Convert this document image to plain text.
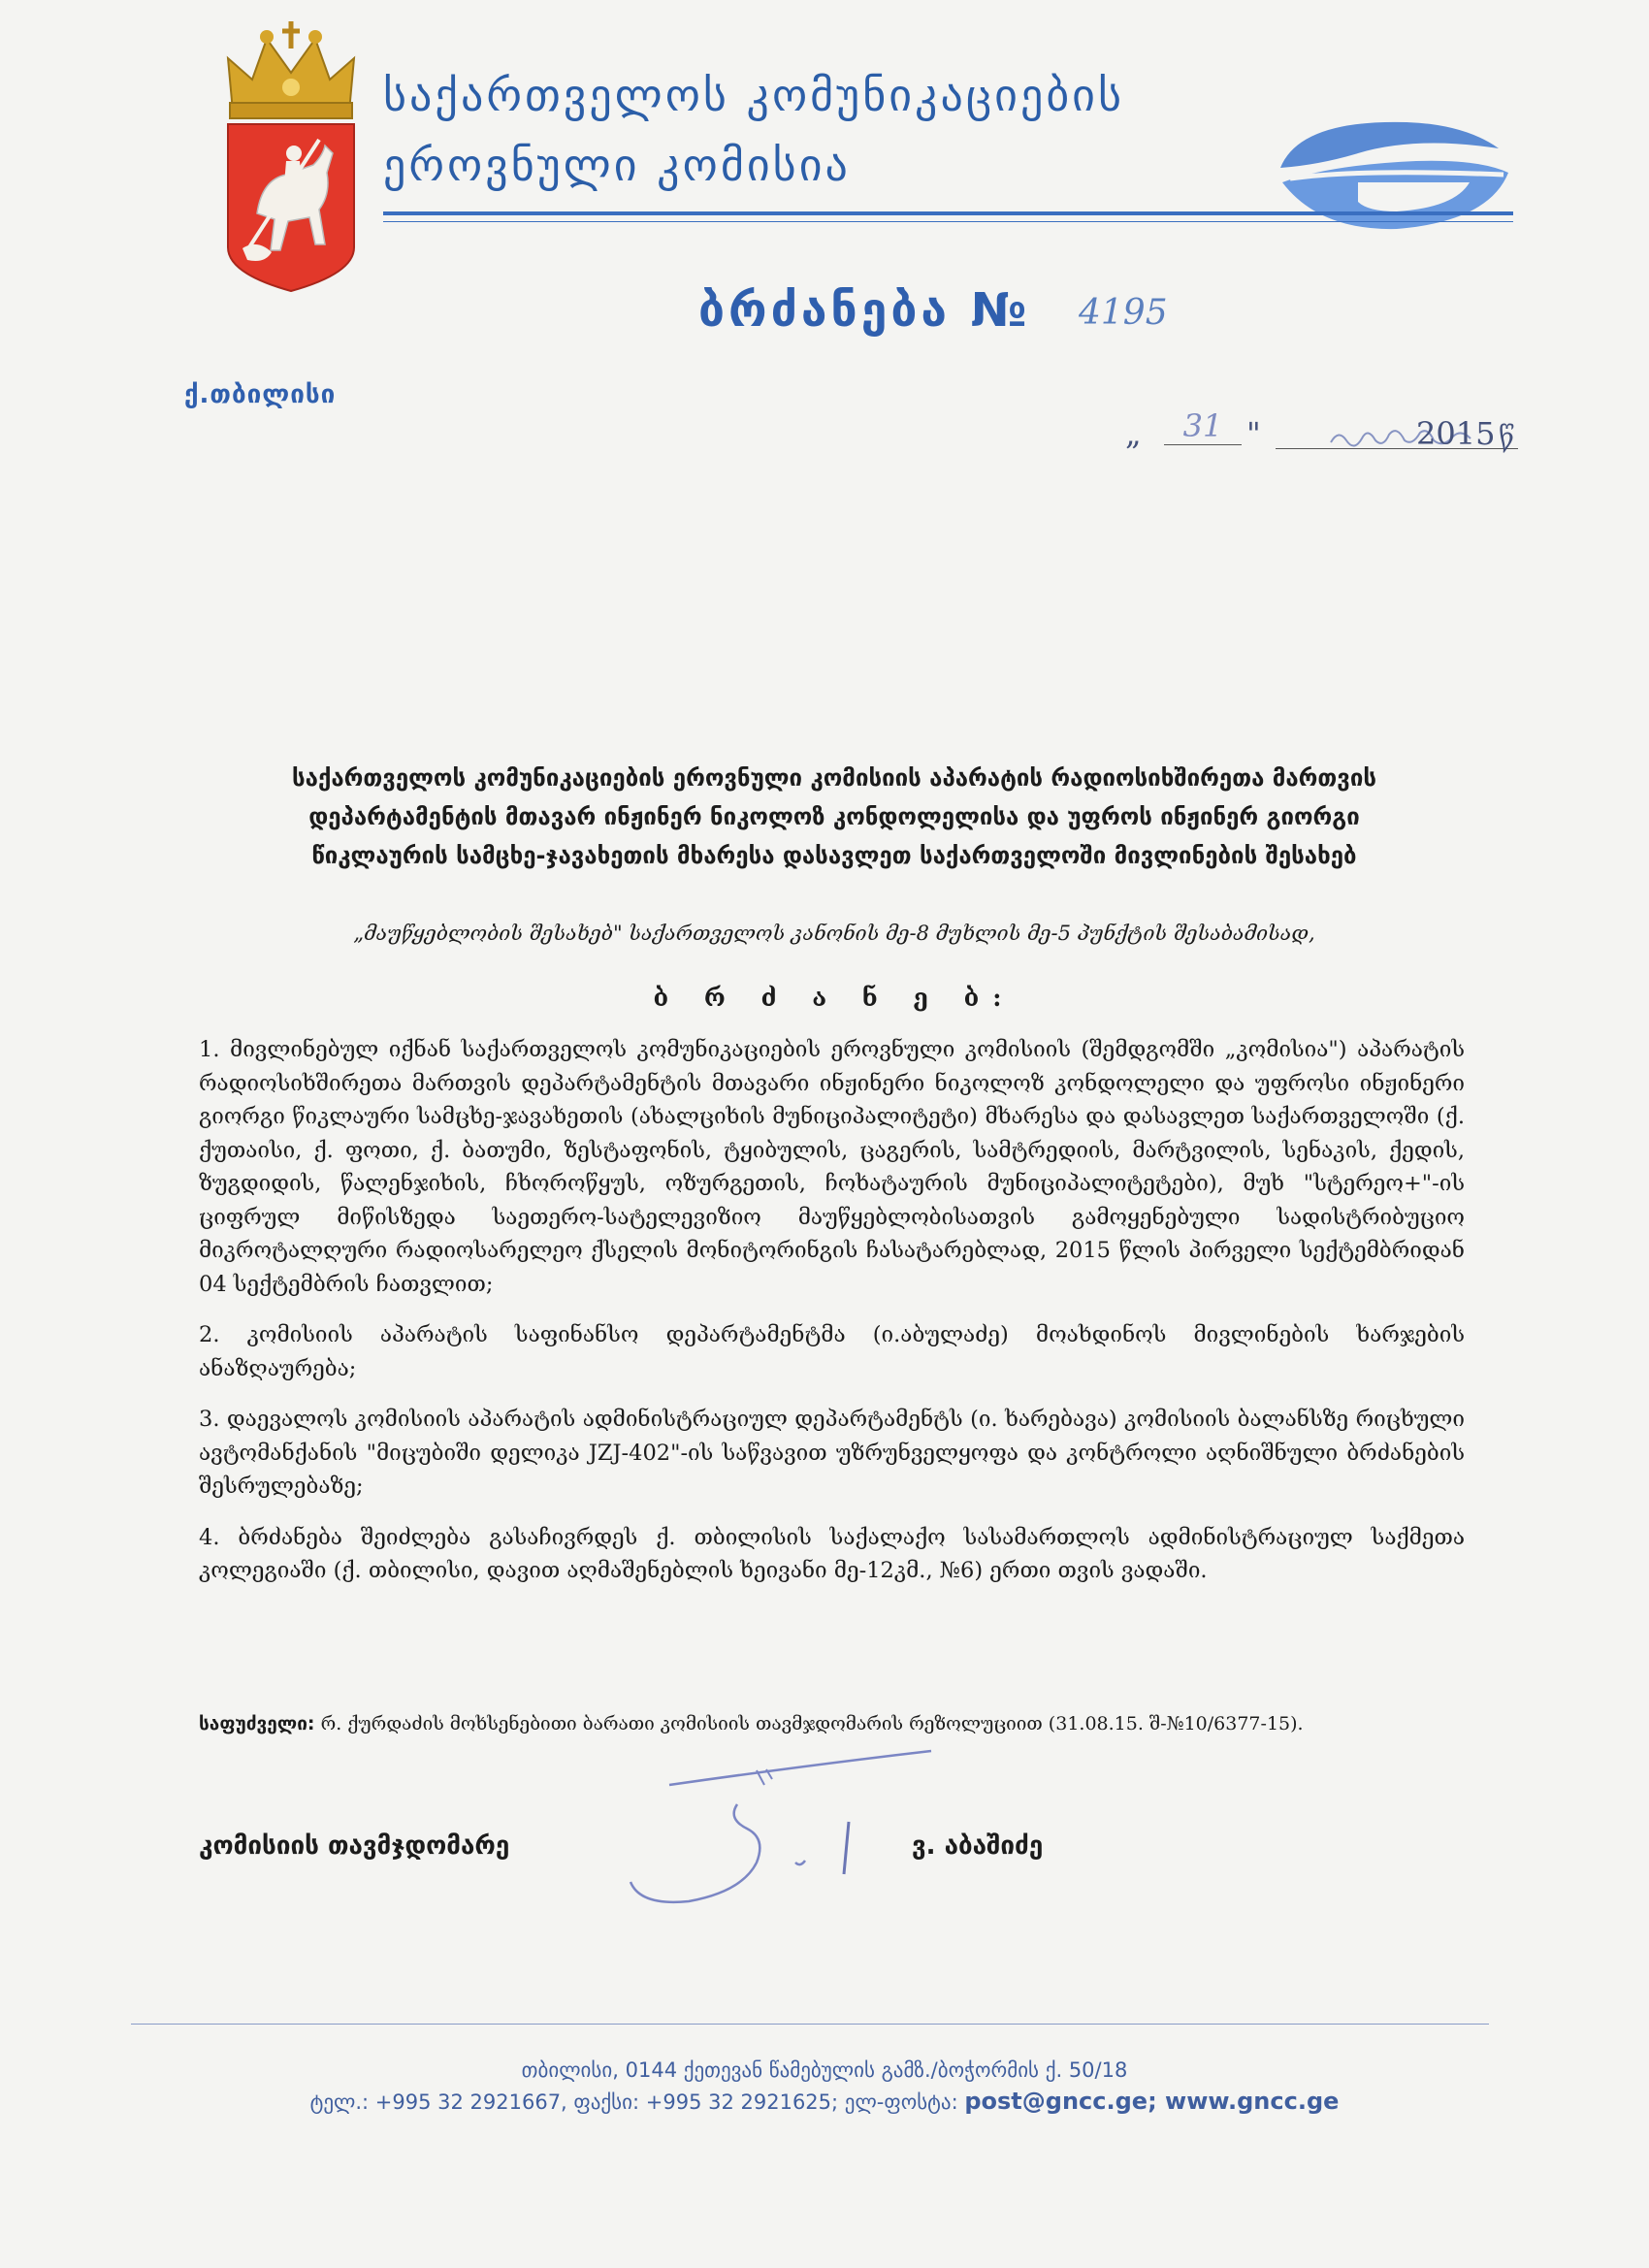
საქართველოს კომუნიკაციების
ეროვნული კომისია
ბრძანება № 4195
ქ.თბილისი
„	31 "	2015 წ
საქართველოს კომუნიკაციების ეროვნული კომისიის აპარატის რადიოსიხშირეთა მართვის
დეპარტამენტის მთავარ ინჟინერ ნიკოლოზ კონდოლელისა და უფროს ინჟინერ გიორგი
წიკლაურის სამცხე-ჯავახეთის მხარესა დასავლეთ საქართველოში მივლინების შესახებ
„მაუწყებლობის შესახებ" საქართველოს კანონის მე-8 მუხლის მე-5 პუნქტის შესაბამისად,
ბ რ ძ ა ნ ე ბ:

1. მივლინებულ იქნან საქართველოს კომუნიკაციების ეროვნული კომისიის (შემდგომში „კომისია") აპარატის რადიოსიხშირეთა მართვის დეპარტამენტის მთავარი ინჟინერი ნიკოლოზ კონდოლელი და უფროსი ინჟინერი გიორგი წიკლაური სამცხე-ჯავახეთის (ახალციხის მუნიციპალიტეტი) მხარესა და დასავლეთ საქართველოში (ქ. ქუთაისი, ქ. ფოთი, ქ. ბათუმი, ზესტაფონის, ტყიბულის, ცაგერის, სამტრედიის, მარტვილის, სენაკის, ქედის, ზუგდიდის, წალენჯიხის, ჩხოროწყუს, ოზურგეთის, ჩოხატაურის მუნიციპალიტეტები), მუხ "სტერეო+"-ის ციფრულ მიწისზედა საეთერო-სატელევიზიო მაუწყებლობისათვის გამოყენებული სადისტრიბუციო მიკროტალღური რადიოსარელეო ქსელის მონიტორინგის ჩასატარებლად, 2015 წლის პირველი სექტემბრიდან 04 სექტემბრის ჩათვლით;

2. კომისიის აპარატის საფინანსო დეპარტამენტმა (ი.აბულაძე) მოახდინოს მივლინების ხარჯების ანაზღაურება;

3. დაევალოს კომისიის აპარატის ადმინისტრაციულ დეპარტამენტს (ი. ხარებავა) კომისიის ბალანსზე რიცხული ავტომანქანის "მიცუბიში დელიკა JZJ-402"-ის საწვავით უზრუნველყოფა და კონტროლი აღნიშნული ბრძანების შესრულებაზე;

4. ბრძანება შეიძლება გასაჩივრდეს ქ. თბილისის საქალაქო სასამართლოს ადმინისტრაციულ საქმეთა კოლეგიაში (ქ. თბილისი, დავით აღმაშენებლის ხეივანი მე-12კმ., №6) ერთი თვის ვადაში.

საფუძველი: რ. ქურდაძის მოხსენებითი ბარათი კომისიის თავმჯდომარის რეზოლუციით (31.08.15. შ-№10/6377-15).
კომისიის თავმჯდომარე	ვ. აბაშიძე
თბილისი, 0144 ქეთევან წამებულის გამზ./ბოჭორმის ქ. 50/18
ტელ.: +995 32 2921667, ფაქსი: +995 32 2921625; ელ-ფოსტა: post@gncc.ge; www.gncc.ge
